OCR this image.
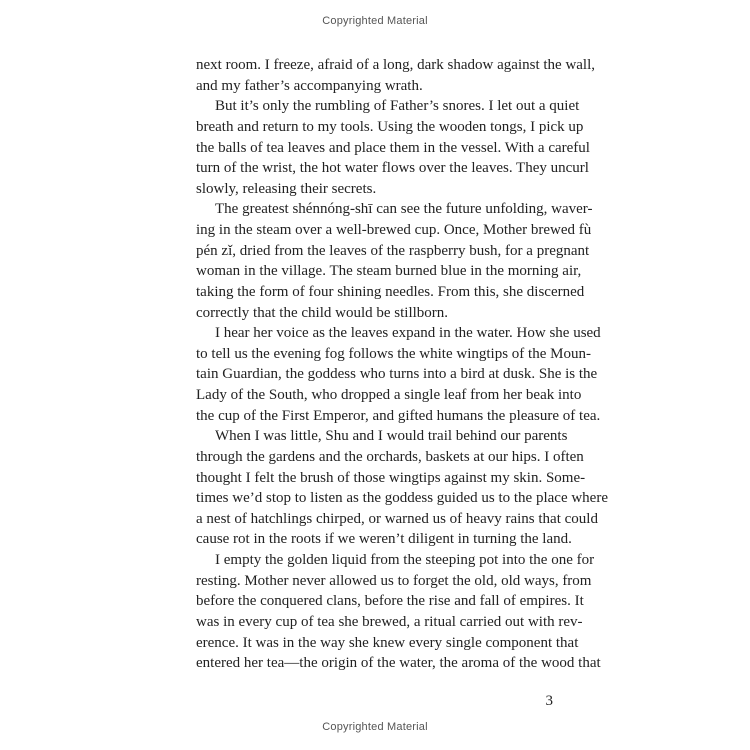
Copyrighted Material
next room. I freeze, afraid of a long, dark shadow against the wall,
and my father’s accompanying wrath.
But it’s only the rumbling of Father’s snores. I let out a quiet
breath and return to my tools. Using the wooden tongs, I pick up
the balls of tea leaves and place them in the vessel. With a careful
turn of the wrist, the hot water flows over the leaves. They uncurl
slowly, releasing their secrets.
The greatest shénnóng-shī can see the future unfolding, waver-
ing in the steam over a well-brewed cup. Once, Mother brewed fù
pén zǐ, dried from the leaves of the raspberry bush, for a pregnant
woman in the village. The steam burned blue in the morning air,
taking the form of four shining needles. From this, she discerned
correctly that the child would be stillborn.
I hear her voice as the leaves expand in the water. How she used
to tell us the evening fog follows the white wingtips of the Moun-
tain Guardian, the goddess who turns into a bird at dusk. She is the
Lady of the South, who dropped a single leaf from her beak into
the cup of the First Emperor, and gifted humans the pleasure of tea.
When I was little, Shu and I would trail behind our parents
through the gardens and the orchards, baskets at our hips. I often
thought I felt the brush of those wingtips against my skin. Some-
times we’d stop to listen as the goddess guided us to the place where
a nest of hatchlings chirped, or warned us of heavy rains that could
cause rot in the roots if we weren’t diligent in turning the land.
I empty the golden liquid from the steeping pot into the one for
resting. Mother never allowed us to forget the old, old ways, from
before the conquered clans, before the rise and fall of empires. It
was in every cup of tea she brewed, a ritual carried out with rev-
erence. It was in the way she knew every single component that
entered her tea—the origin of the water, the aroma of the wood that
3
Copyrighted Material
